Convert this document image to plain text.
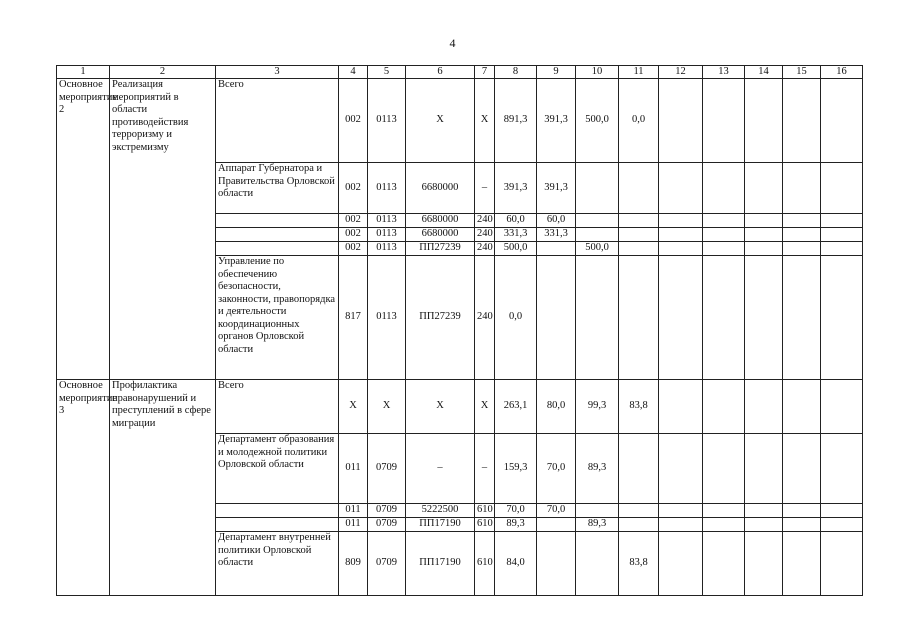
4
1	2	3	4	5	6	7	8	9	10	11	12	13	14	15	16
Основное мероприятие 2	Реализация мероприятий в области противодействия терроризму и экстремизму	Всего	002	0113	Х	Х	891,3	391,3	500,0	0,0					
		Аппарат Губернатора и Правительства Орловской области	002	0113	6680000	–	391,3	391,3							
			002	0113	6680000	240	60,0	60,0							
			002	0113	6680000	240	331,3	331,3							
			002	0113	ПП27239	240	500,0		500,0						
		Управление по обеспечению безопасности, законности, правопорядка и деятельности координационных органов Орловской области	817	0113	ПП27239	240	0,0								
Основное мероприятие 3	Профилактика правонарушений и преступлений в сфере миграции	Всего	Х	Х	Х	Х	263,1	80,0	99,3	83,8					
		Департамент образования и молодежной политики Орловской области	011	0709	–	–	159,3	70,0	89,3						
			011	0709	5222500	610	70,0	70,0							
			011	0709	ПП17190	610	89,3		89,3						
		Департамент внутренней политики Орловской области	809	0709	ПП17190	610	84,0			83,8					
